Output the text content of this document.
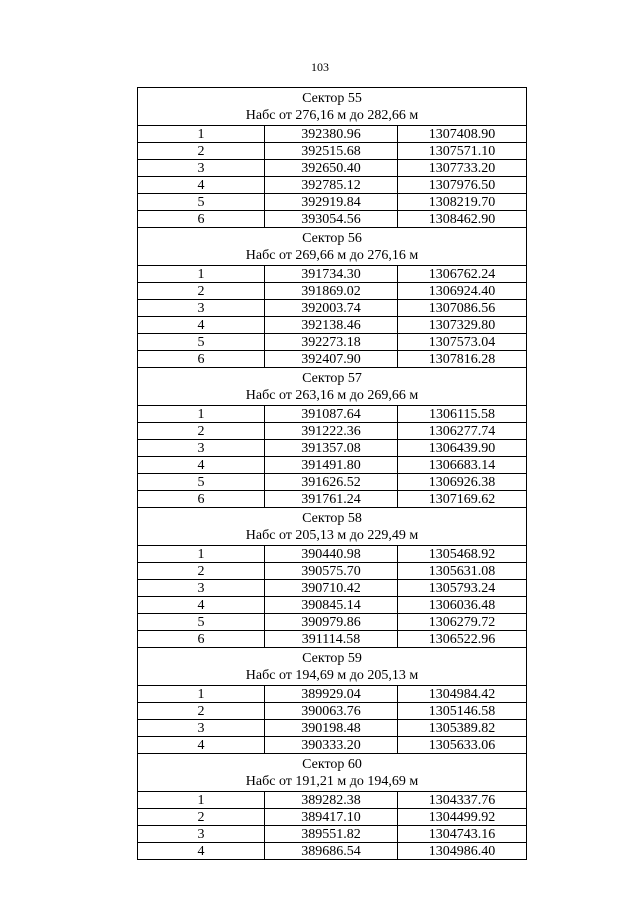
103
Сектор 55
Набс от 276,16 м до 282,66 м		

1	392380.96	1307408.90
2	392515.68	1307571.10
3	392650.40	1307733.20
4	392785.12	1307976.50
5	392919.84	1308219.70
6	393054.56	1308462.90

Сектор 56
Набс от 269,66 м до 276,16 м		

1	391734.30	1306762.24
2	391869.02	1306924.40
3	392003.74	1307086.56
4	392138.46	1307329.80
5	392273.18	1307573.04
6	392407.90	1307816.28

Сектор 57
Набс от 263,16 м до 269,66 м		

1	391087.64	1306115.58
2	391222.36	1306277.74
3	391357.08	1306439.90
4	391491.80	1306683.14
5	391626.52	1306926.38
6	391761.24	1307169.62

Сектор 58
Набс от 205,13 м до 229,49 м		

1	390440.98	1305468.92
2	390575.70	1305631.08
3	390710.42	1305793.24
4	390845.14	1306036.48
5	390979.86	1306279.72
6	391114.58	1306522.96

Сектор 59
Набс от 194,69 м до 205,13 м		

1	389929.04	1304984.42
2	390063.76	1305146.58
3	390198.48	1305389.82
4	390333.20	1305633.06

Сектор 60
Набс от 191,21 м до 194,69 м		

1	389282.38	1304337.76
2	389417.10	1304499.92
3	389551.82	1304743.16
4	389686.54	1304986.40
